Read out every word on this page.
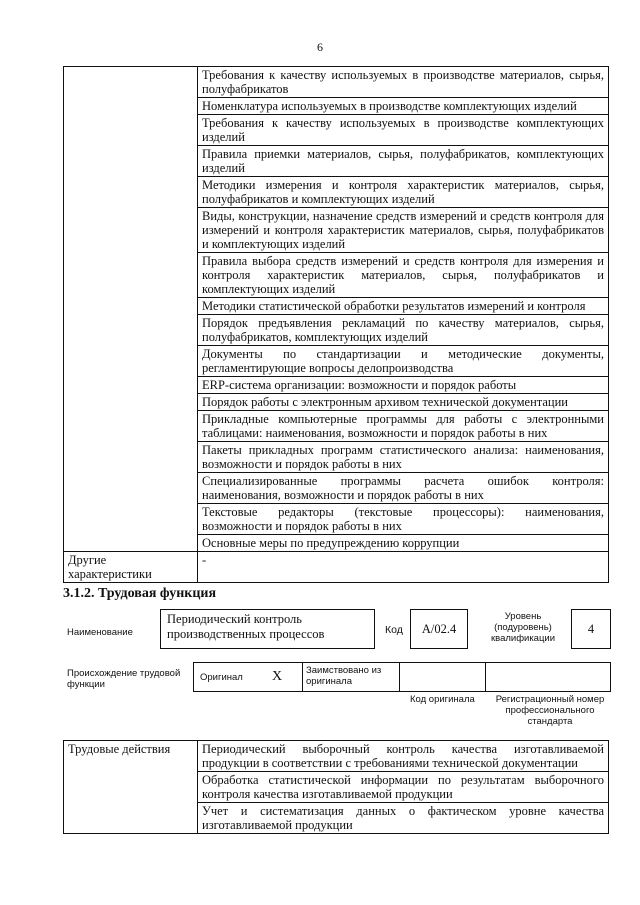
6
	Требования к качеству используемых в производстве материалов, сырья, полуфабрикатов
	Номенклатура используемых в производстве комплектующих изделий
	Требования к качеству используемых в производстве комплектующих изделий
	Правила приемки материалов, сырья, полуфабрикатов, комплектующих изделий
	Методики измерения и контроля характеристик материалов, сырья, полуфабрикатов и комплектующих изделий
	Виды, конструкции, назначение средств измерений и средств контроля для измерений и контроля характеристик материалов, сырья, полуфабрикатов и комплектующих изделий
	Правила выбора средств измерений и средств контроля для измерения и контроля характеристик материалов, сырья, полуфабрикатов и комплектующих изделий
	Методики статистической обработки результатов измерений и контроля
	Порядок предъявления рекламаций по качеству материалов, сырья, полуфабрикатов, комплектующих изделий
	Документы по стандартизации и методические документы, регламентирующие вопросы делопроизводства
	ERP-система организации: возможности и порядок работы
	Порядок работы с электронным архивом технической документации
	Прикладные компьютерные программы для работы с электронными таблицами: наименования, возможности и порядок работы в них
	Пакеты прикладных программ статистического анализа: наименования, возможности и порядок работы в них
	Специализированные программы расчета ошибок контроля: наименования, возможности и порядок работы в них
	Текстовые редакторы (текстовые процессоры): наименования, возможности и порядок работы в них
	Основные меры по предупреждению коррупции
Другие характеристики	-
3.1.2. Трудовая функция
Наименование
Периодический контроль производственных процессов	Код	А/02.4
Уровень (подуровень) квалификации
4
Происхождение трудовой функции
Оригинал X	Заимствовано из оригинала
Код оригинала	Регистрационный номер профессионального стандарта
Трудовые действия	Периодический выборочный контроль качества изготавливаемой продукции в соответствии с требованиями технической документации
Обработка статистической информации по результатам выборочного контроля качества изготавливаемой продукции
Учет и систематизация данных о фактическом уровне качества изготавливаемой продукции
